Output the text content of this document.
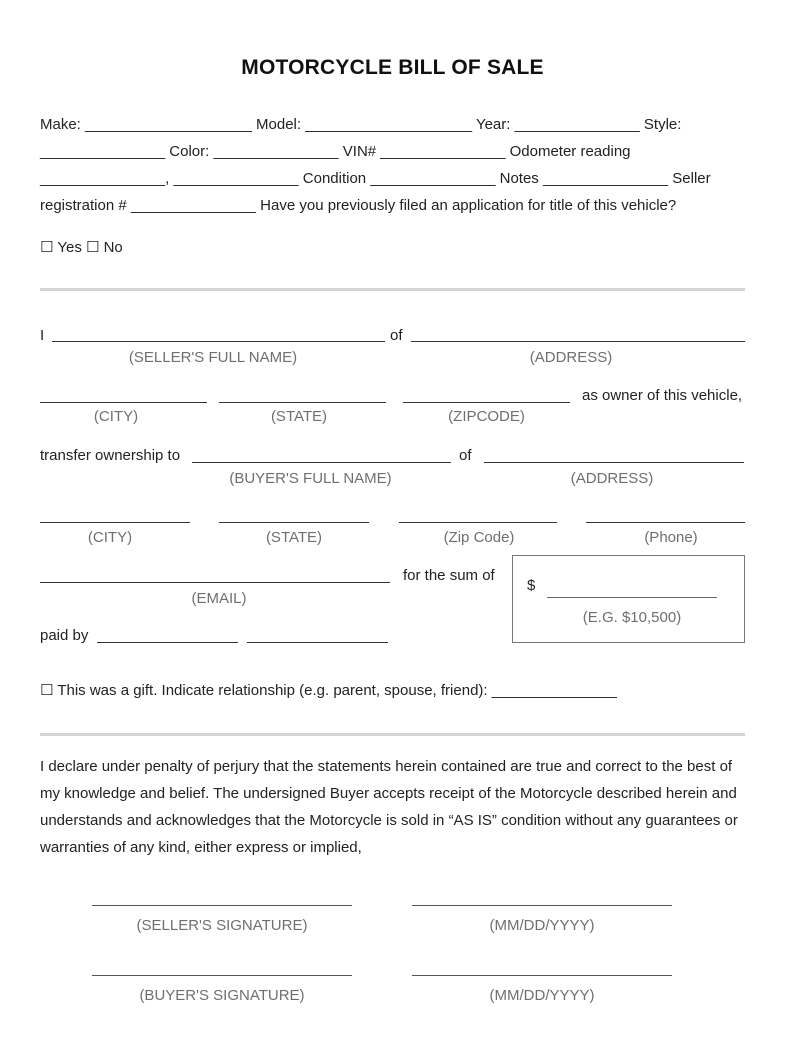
MOTORCYCLE BILL OF SALE
Make: ____________________ Model: ____________________ Year: _______________ Style:
_______________ Color: _______________ VIN# _______________ Odometer reading
_______________, _______________ Condition _______________ Notes _______________ Seller
registration # _______________ Have you previously filed an application for title of this vehicle?
☐ Yes ☐ No
I	of
(SELLER'S FULL NAME)	(ADDRESS)
as owner of this vehicle,
(CITY)	(STATE)	(ZIPCODE)
transfer ownership to	of
(BUYER'S FULL NAME)	(ADDRESS)
(CITY)	(STATE)	(Zip Code)	(Phone)
for the sum of
(EMAIL)
$
(E.G. $10,500)
paid by
☐ This was a gift. Indicate relationship (e.g. parent, spouse, friend): _______________
I declare under penalty of perjury that the statements herein contained are true and correct to the best of
my knowledge and belief. The undersigned Buyer accepts receipt of the Motorcycle described herein and
understands and acknowledges that the Motorcycle is sold in “AS IS” condition without any guarantees or
warranties of any kind, either express or implied,
(SELLER'S SIGNATURE)	(MM/DD/YYYY)
(BUYER'S SIGNATURE)	(MM/DD/YYYY)
